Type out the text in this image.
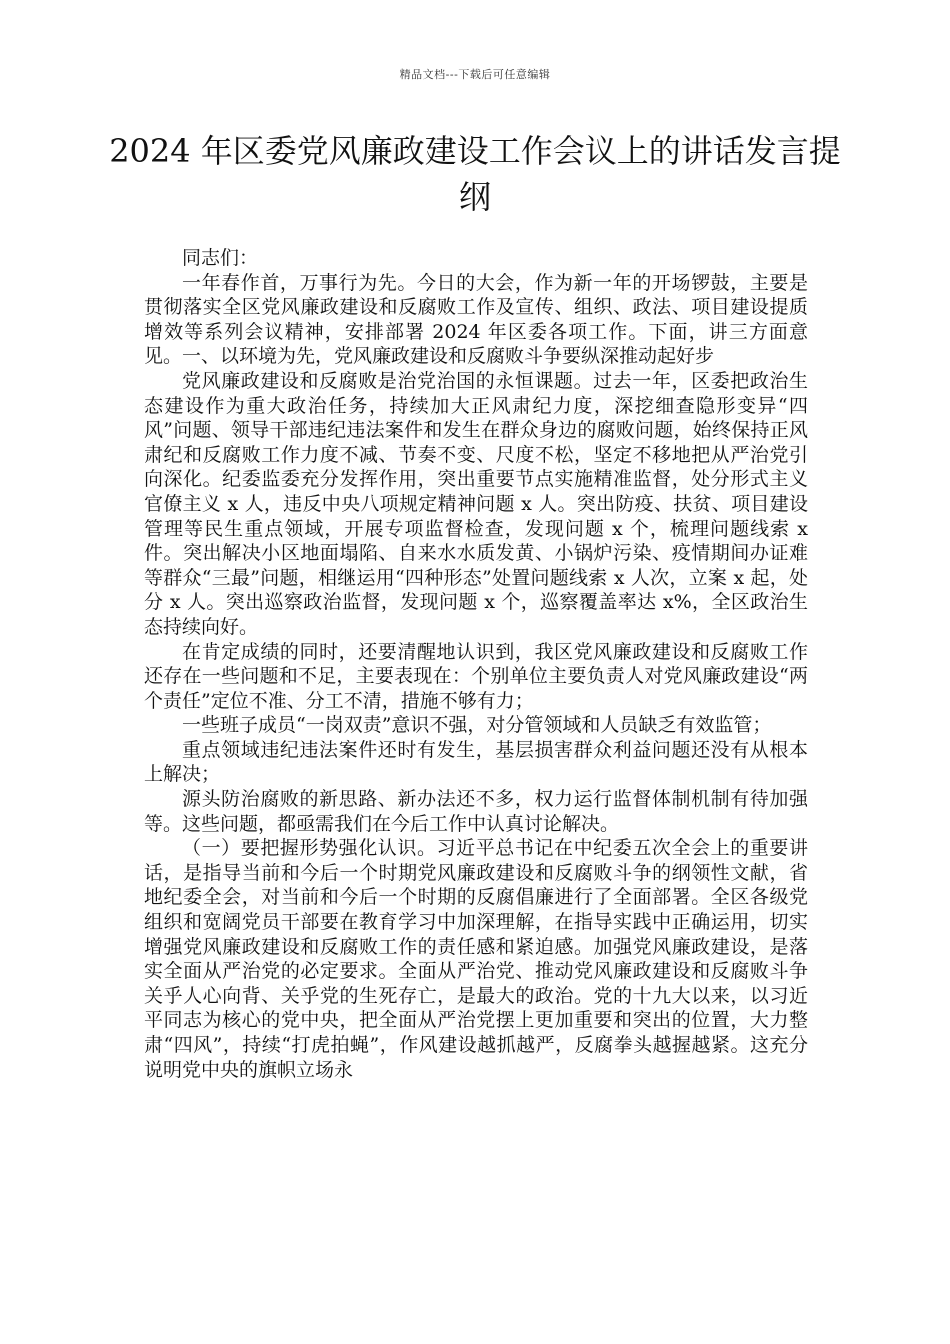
精品文档---下载后可任意编辑
2024 年区委党风廉政建设工作会议上的讲话发言提纲

同志们：

一年春作首，万事行为先。今日的大会，作为新一年的开场锣鼓，主要是贯彻落实全区党风廉政建设和反腐败工作及宣传、组织、政法、项目建设提质增效等系列会议精神，安排部署 2024 年区委各项工作。下面，讲三方面意见。一、以环境为先，党风廉政建设和反腐败斗争要纵深推动起好步

党风廉政建设和反腐败是治党治国的永恒课题。过去一年，区委把政治生态建设作为重大政治任务，持续加大正风肃纪力度，深挖细查隐形变异“四风”问题、领导干部违纪违法案件和发生在群众身边的腐败问题，始终保持正风肃纪和反腐败工作力度不减、节奏不变、尺度不松，坚定不移地把从严治党引向深化。纪委监委充分发挥作用，突出重要节点实施精准监督，处分形式主义官僚主义 x 人，违反中央八项规定精神问题 x 人。突出防疫、扶贫、项目建设管理等民生重点领域，开展专项监督检查，发现问题 x 个，梳理问题线索 x 件。突出解决小区地面塌陷、自来水水质发黄、小锅炉污染、疫情期间办证难等群众“三最”问题，相继运用“四种形态”处置问题线索 x 人次，立案 x 起，处分 x 人。突出巡察政治监督，发现问题 x 个，巡察覆盖率达 x%，全区政治生态持续向好。

在肯定成绩的同时，还要清醒地认识到，我区党风廉政建设和反腐败工作还存在一些问题和不足，主要表现在：个别单位主要负责人对党风廉政建设“两个责任”定位不准、分工不清，措施不够有力；

一些班子成员“一岗双责”意识不强，对分管领域和人员缺乏有效监管；

重点领域违纪违法案件还时有发生，基层损害群众利益问题还没有从根本上解决；

源头防治腐败的新思路、新办法还不多，权力运行监督体制机制有待加强等。这些问题，都亟需我们在今后工作中认真讨论解决。

（一）要把握形势强化认识。习近平总书记在中纪委五次全会上的重要讲话，是指导当前和今后一个时期党风廉政建设和反腐败斗争的纲领性文献，省地纪委全会，对当前和今后一个时期的反腐倡廉进行了全面部署。全区各级党组织和宽阔党员干部要在教育学习中加深理解，在指导实践中正确运用，切实增强党风廉政建设和反腐败工作的责任感和紧迫感。加强党风廉政建设，是落实全面从严治党的必定要求。全面从严治党、推动党风廉政建设和反腐败斗争关乎人心向背、关乎党的生死存亡，是最大的政治。党的十九大以来，以习近平同志为核心的党中央，把全面从严治党摆上更加重要和突出的位置，大力整肃“四风”，持续“打虎拍蝇”，作风建设越抓越严，反腐拳头越握越紧。这充分说明党中央的旗帜立场永
